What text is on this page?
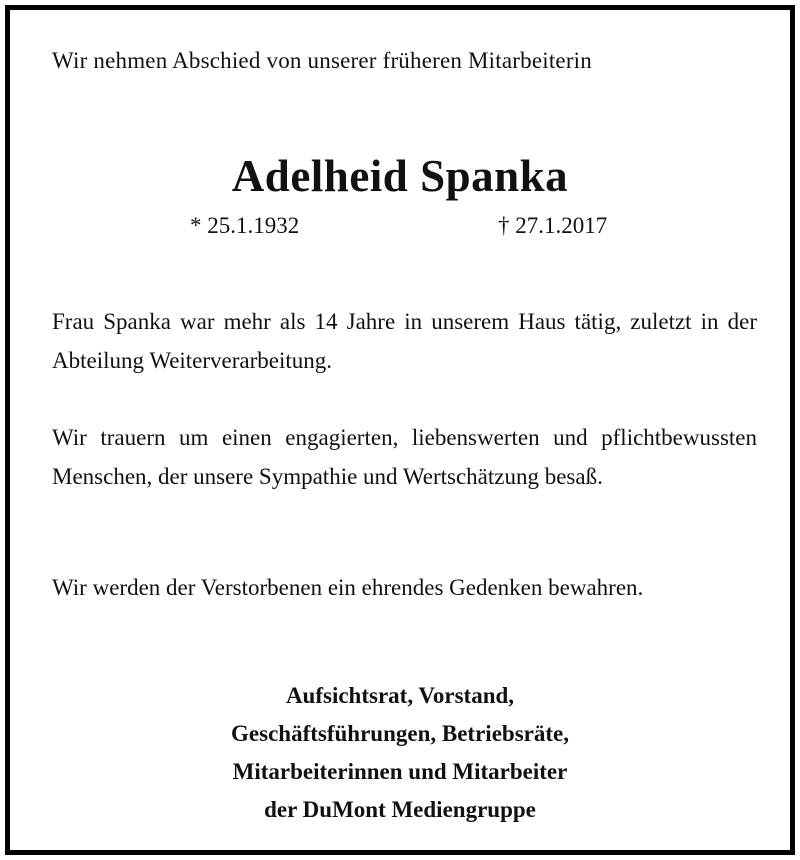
Wir nehmen Abschied von unserer früheren Mitarbeiterin
Adelheid Spanka
* 25.1.1932	† 27.1.2017
Frau Spanka war mehr als 14 Jahre in unserem Haus tätig, zuletzt in der Abteilung Weiterverarbeitung.
Wir trauern um einen engagierten, liebenswerten und pflichtbewussten Menschen, der unsere Sympathie und Wertschätzung besaß.
Wir werden der Verstorbenen ein ehrendes Gedenken bewahren.
Aufsichtsrat, Vorstand,
Geschäftsführungen, Betriebsräte,
Mitarbeiterinnen und Mitarbeiter
der DuMont Mediengruppe
